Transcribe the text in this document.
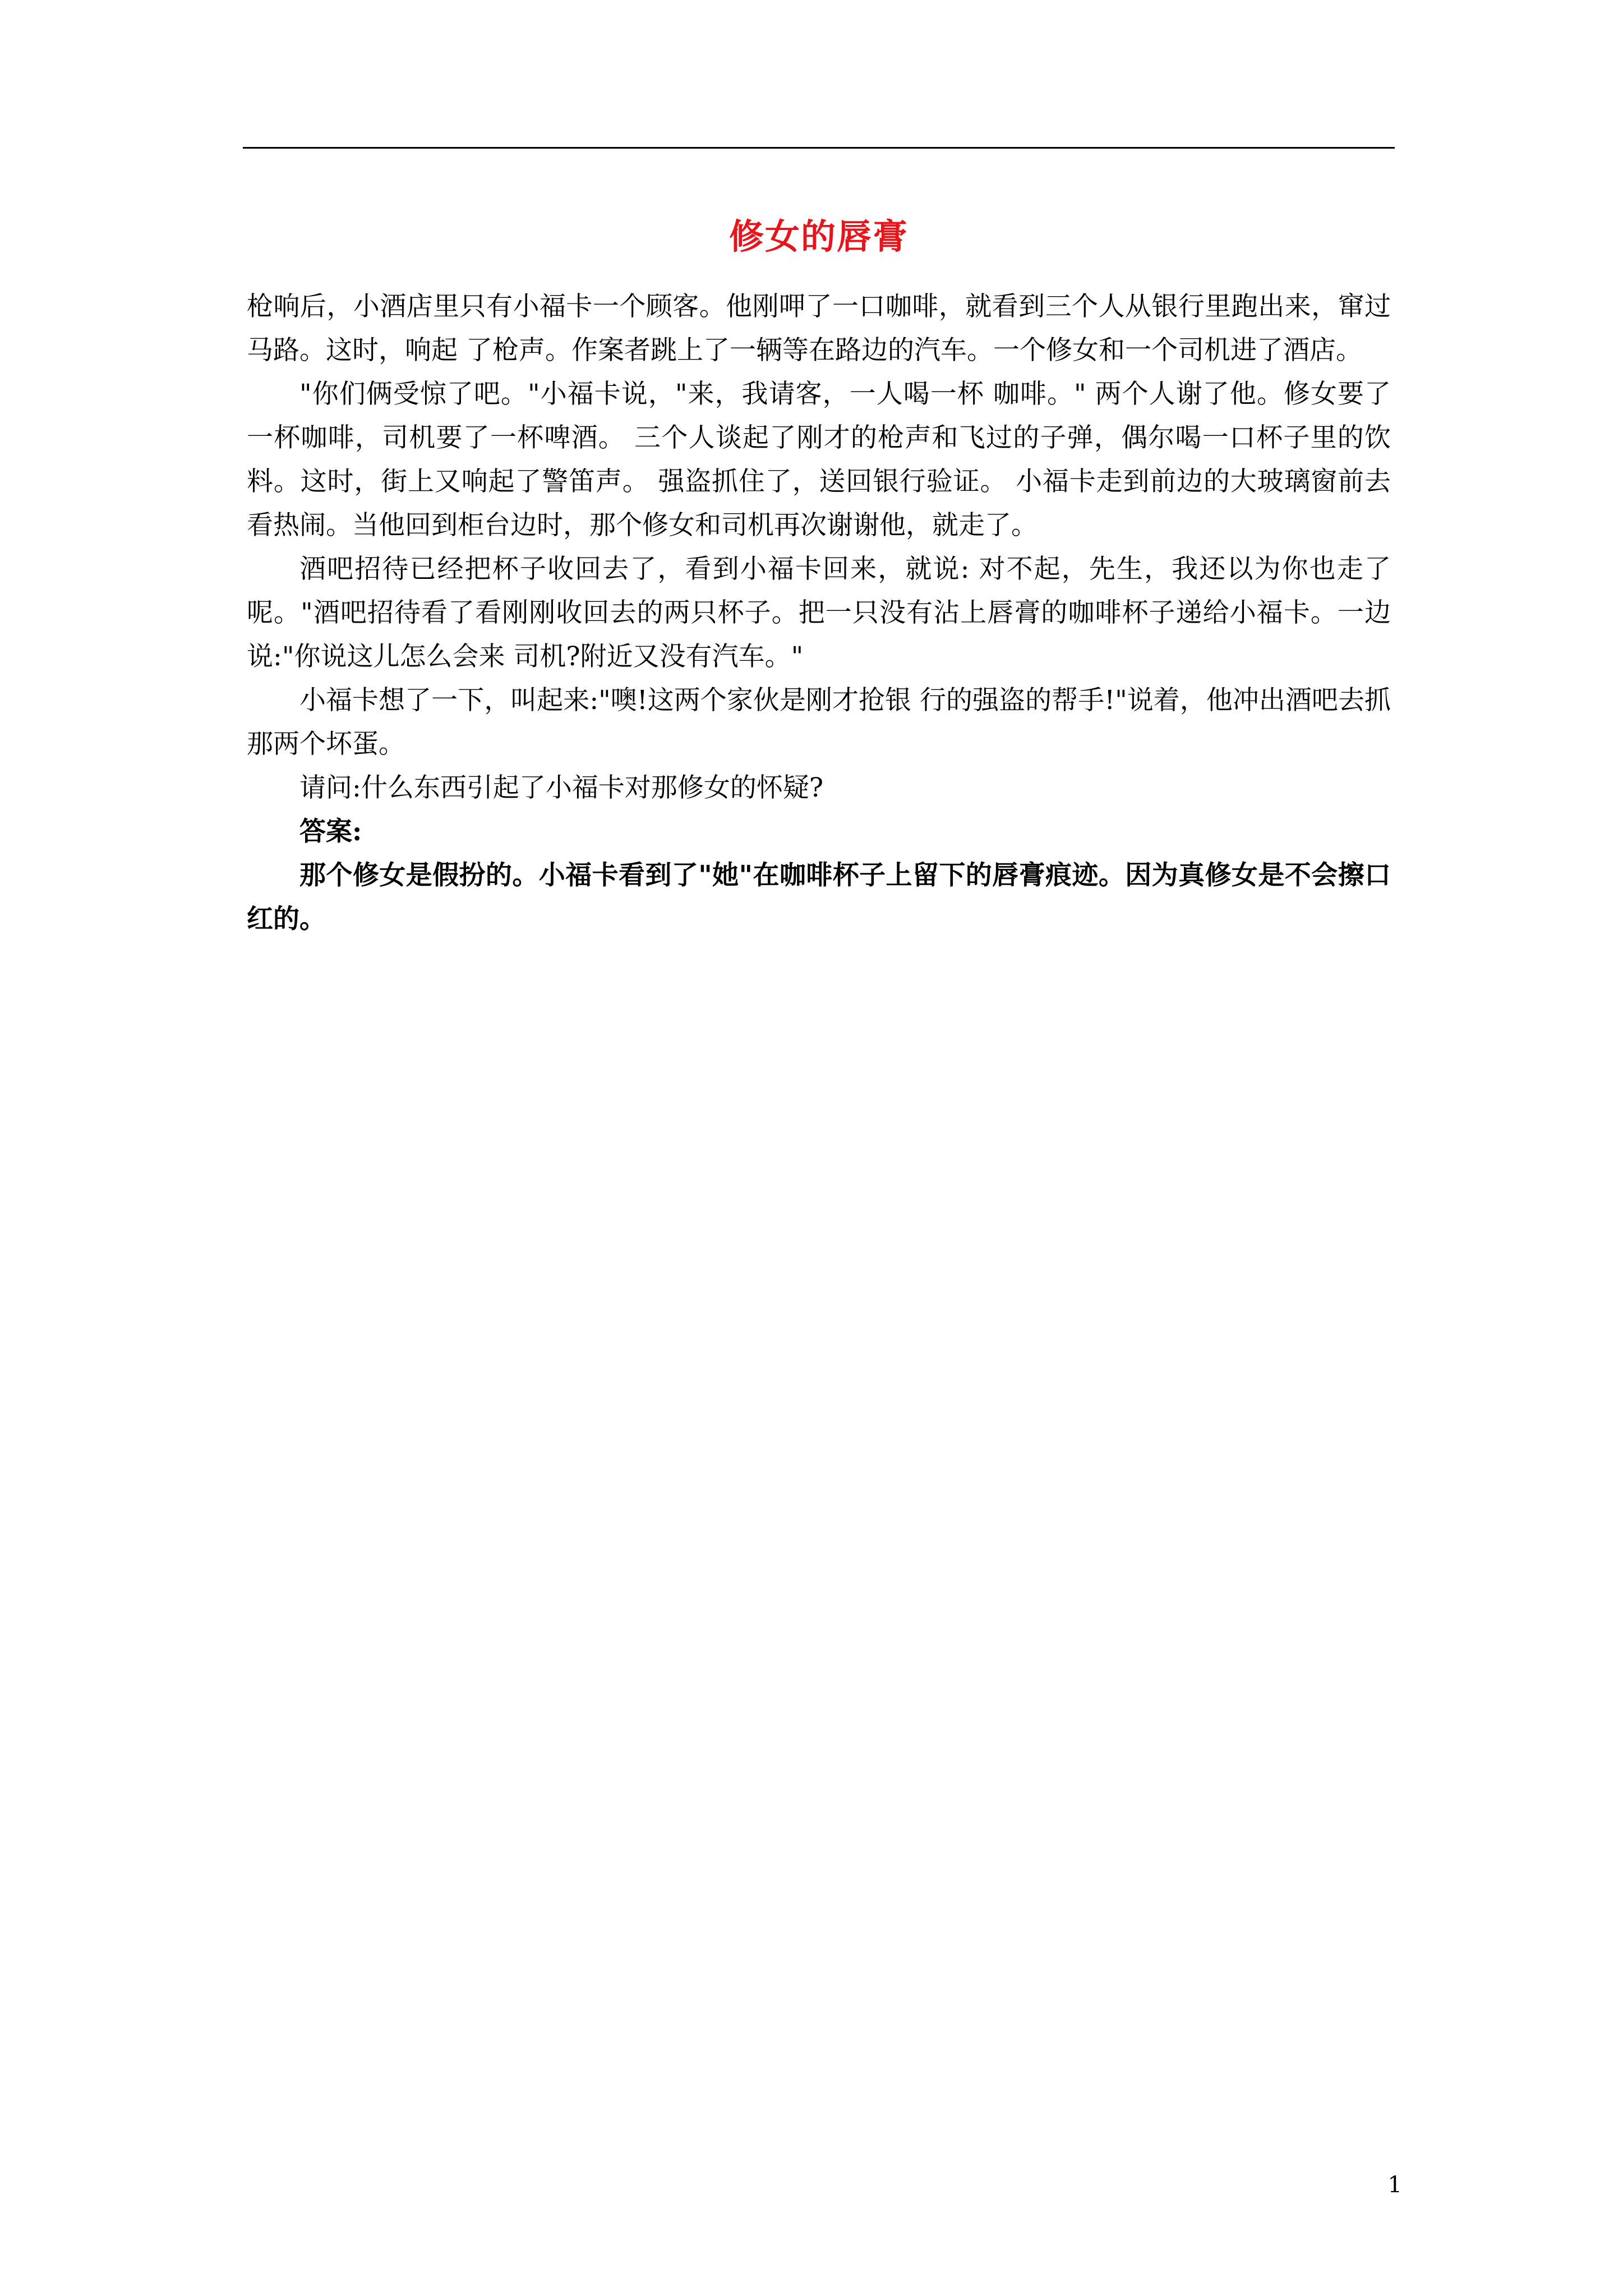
修女的唇膏

枪响后，小酒店里只有小福卡一个顾客。他刚呷了一口咖啡，就看到三个人从银行里跑出来，窜过马路。这时，响起 了枪声。作案者跳上了一辆等在路边的汽车。一个修女和一个司机进了酒店。

"你们俩受惊了吧。"小福卡说，"来，我请客，一人喝一杯 咖啡。" 两个人谢了他。修女要了一杯咖啡，司机要了一杯啤酒。 三个人谈起了刚才的枪声和飞过的子弹，偶尔喝一口杯子里的饮料。这时，街上又响起了警笛声。 强盗抓住了，送回银行验证。 小福卡走到前边的大玻璃窗前去看热闹。当他回到柜台边时，那个修女和司机再次谢谢他，就走了。

酒吧招待已经把杯子收回去了，看到小福卡回来，就说: 对不起，先生，我还以为你也走了呢。"酒吧招待看了看刚刚收回去的两只杯子。把一只没有沾上唇膏的咖啡杯子递给小福卡。一边说:"你说这儿怎么会来 司机?附近又没有汽车。"

小福卡想了一下，叫起来:"噢!这两个家伙是刚才抢银 行的强盗的帮手!"说着，他冲出酒吧去抓那两个坏蛋。

请问:什么东西引起了小福卡对那修女的怀疑?

答案:

那个修女是假扮的。小福卡看到了"她"在咖啡杯子上留下的唇膏痕迹。因为真修女是不会擦口红的。

1
